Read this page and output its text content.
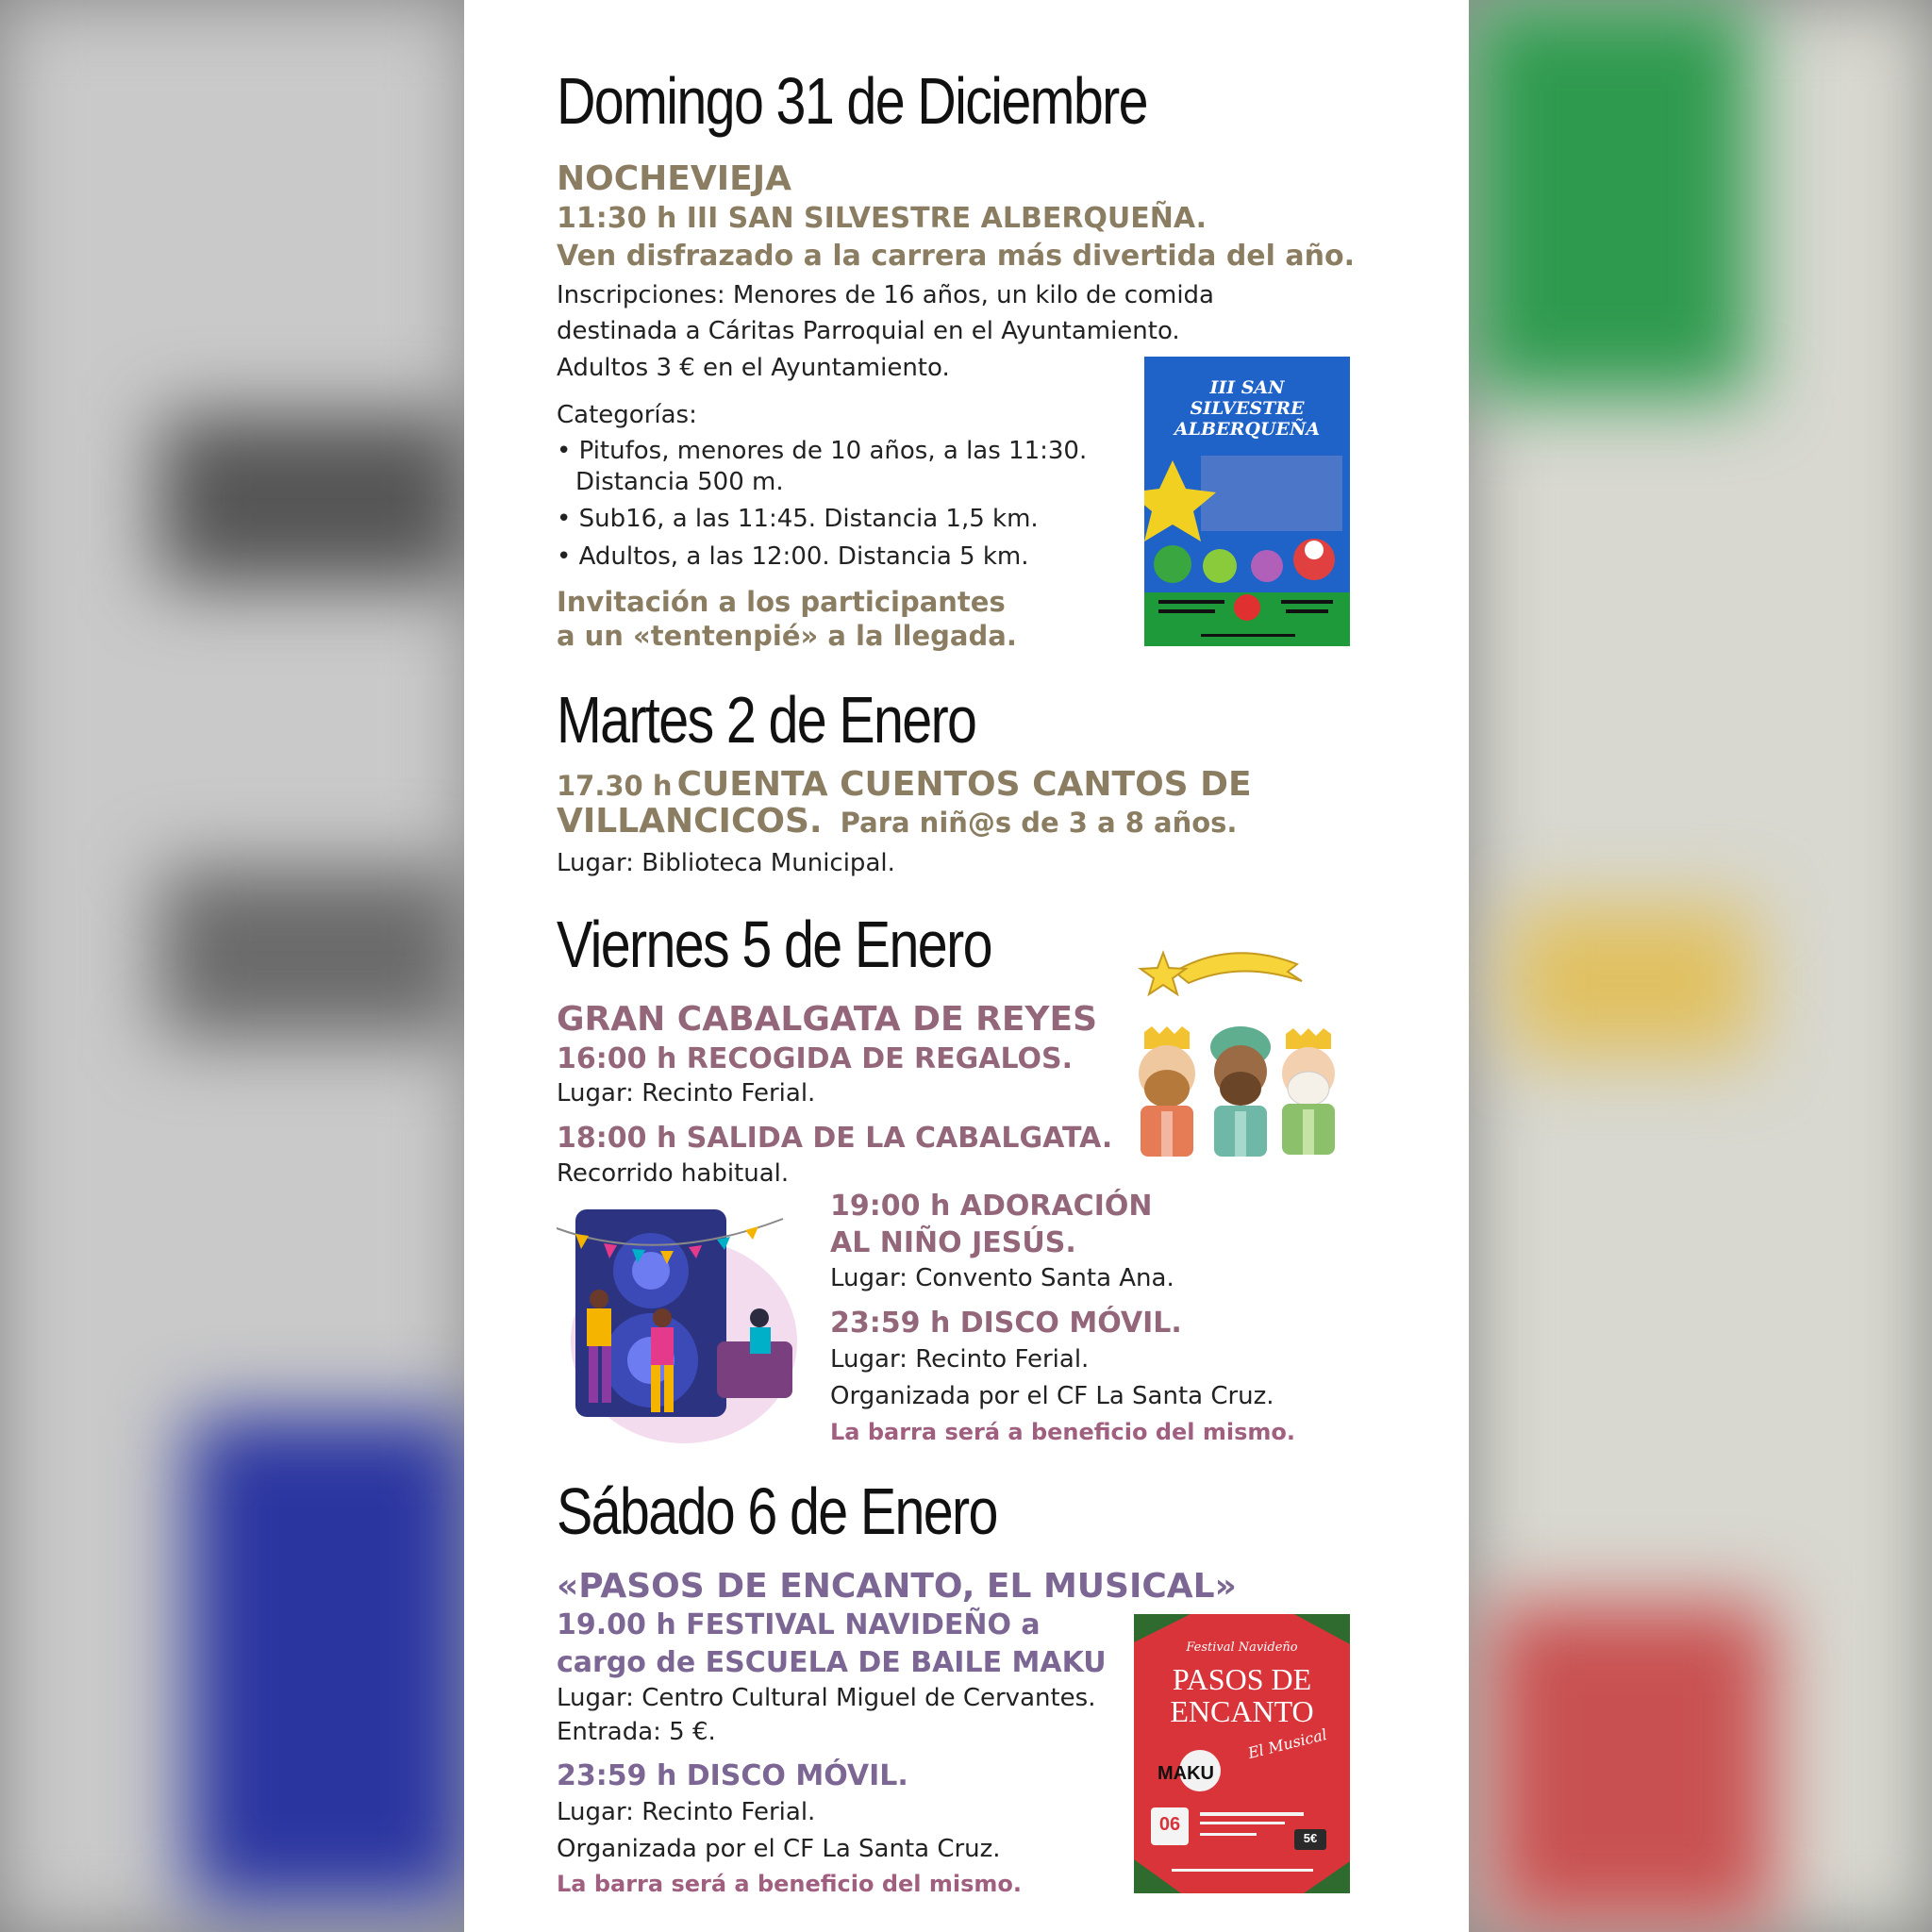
Domingo 31 de Diciembre
NOCHEVIEJA
11:30 h III SAN SILVESTRE ALBERQUEÑA.
Ven disfrazado a la carrera más divertida del año.
Inscripciones: Menores de 16 años, un kilo de comida
destinada a Cáritas Parroquial en el Ayuntamiento.
Adultos 3 € en el Ayuntamiento.
Categorías:
• Pitufos, menores de 10 años, a las 11:30.
Distancia 500 m.
• Sub16, a las 11:45. Distancia 1,5 km.
• Adultos, a las 12:00. Distancia 5 km.
Invitación a los participantes
a un «tentenpié» a la llegada.
III SAN SILVESTRE ALBERQUEÑA
Martes 2 de Enero
17.30 h CUENTA CUENTOS CANTOS DE
VILLANCICOS. Para niñ@s de 3 a 8 años.
Lugar: Biblioteca Municipal.
Viernes 5 de Enero
GRAN CABALGATA DE REYES
16:00 h RECOGIDA DE REGALOS.
Lugar: Recinto Ferial.
18:00 h SALIDA DE LA CABALGATA.
Recorrido habitual.
19:00 h ADORACIÓN
AL NIÑO JESÚS.
Lugar: Convento Santa Ana.
23:59 h DISCO MÓVIL.
Lugar: Recinto Ferial.
Organizada por el CF La Santa Cruz.
La barra será a beneficio del mismo.
Sábado 6 de Enero
«PASOS DE ENCANTO, EL MUSICAL»
19.00 h FESTIVAL NAVIDEÑO a
cargo de ESCUELA DE BAILE MAKU
Lugar: Centro Cultural Miguel de Cervantes.
Entrada: 5 €.
23:59 h DISCO MÓVIL.
Lugar: Recinto Ferial.
Organizada por el CF La Santa Cruz.
La barra será a beneficio del mismo.
Festival Navideño
PASOS DE
ENCANTO
El Musical
MAKU
06
5€
